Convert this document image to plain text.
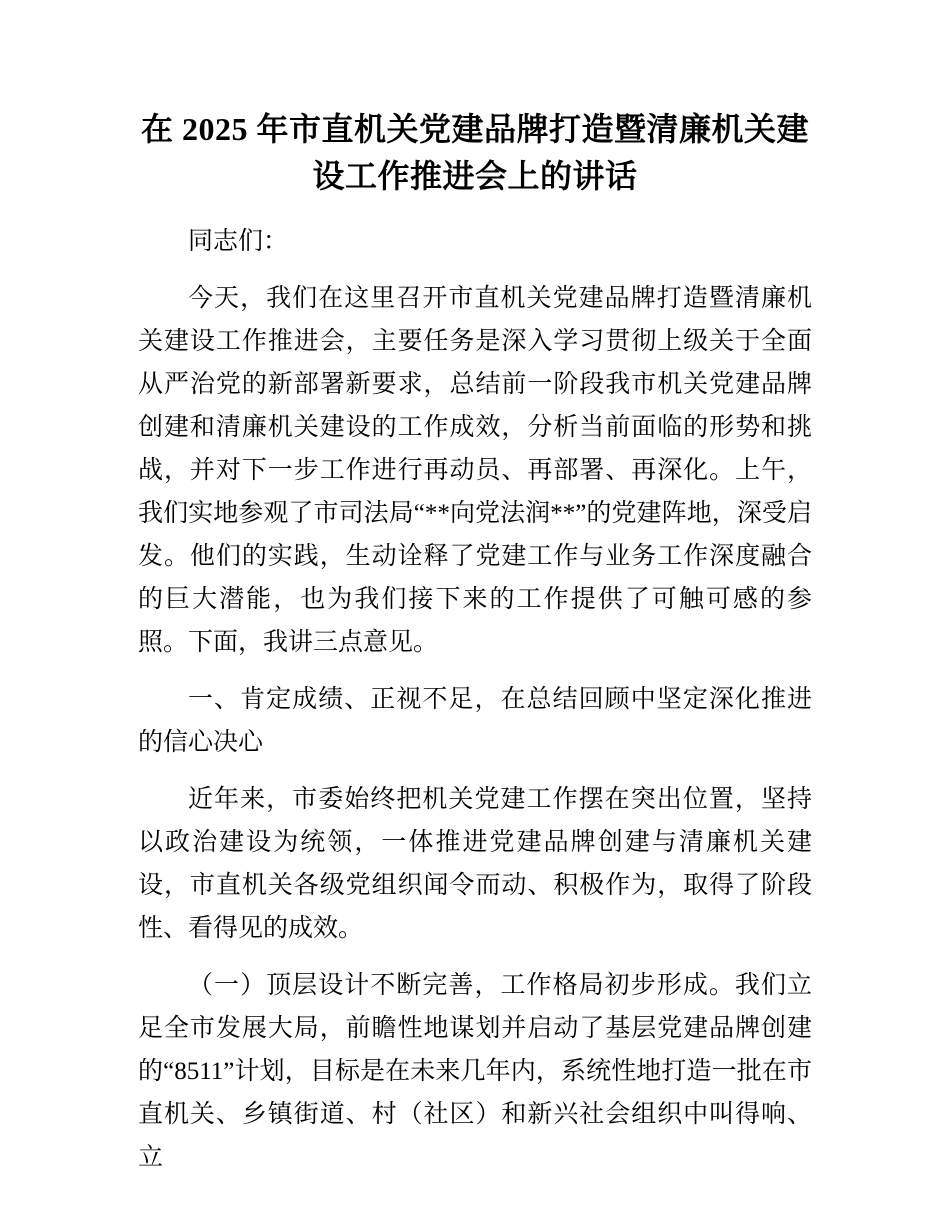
在 2025 年市直机关党建品牌打造暨清廉机关建设工作推进会上的讲话

同志们：

今天，我们在这里召开市直机关党建品牌打造暨清廉机关建设工作推进会，主要任务是深入学习贯彻上级关于全面从严治党的新部署新要求，总结前一阶段我市机关党建品牌创建和清廉机关建设的工作成效，分析当前面临的形势和挑战，并对下一步工作进行再动员、再部署、再深化。上午，我们实地参观了市司法局“**向党法润**”的党建阵地，深受启发。他们的实践，生动诠释了党建工作与业务工作深度融合的巨大潜能，也为我们接下来的工作提供了可触可感的参照。下面，我讲三点意见。

一、肯定成绩、正视不足，在总结回顾中坚定深化推进的信心决心

近年来，市委始终把机关党建工作摆在突出位置，坚持以政治建设为统领，一体推进党建品牌创建与清廉机关建设，市直机关各级党组织闻令而动、积极作为，取得了阶段性、看得见的成效。

（一）顶层设计不断完善，工作格局初步形成。我们立足全市发展大局，前瞻性地谋划并启动了基层党建品牌创建的“8511”计划，目标是在未来几年内，系统性地打造一批在市直机关、乡镇街道、村（社区）和新兴社会组织中叫得响、立
